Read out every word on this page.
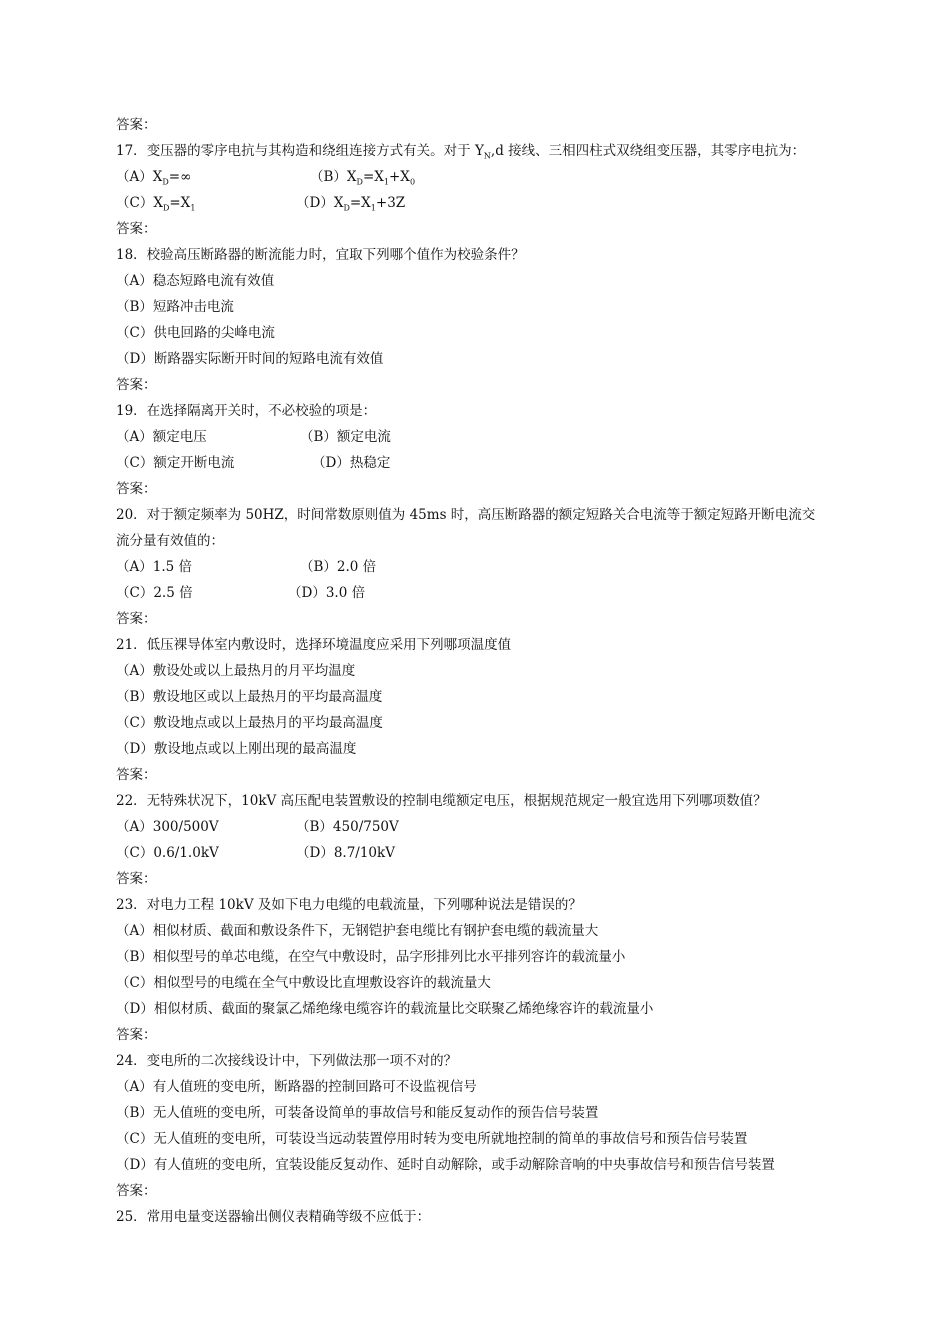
答案：
17．变压器的零序电抗与其构造和绕组连接方式有关。对于 $Y_N,d$ 接线、三相四柱式双绕组变压器，其零序电抗为：
$(A)X_D=\infty$	$(B)X_D=X_1+X_0$
$(C)X_D=X_1$	$(D)X_D=X_1+3Z$
答案：
18．校验高压断路器的断流能力时，宜取下列哪个值作为校验条件？
（A）稳态短路电流有效值
（B）短路冲击电流
（C）供电回路的尖峰电流
（D）断路器实际断开时间的短路电流有效值
答案：
19．在选择隔离开关时，不必校验的项是：
（A）额定电压	（B）额定电流
（C）额定开断电流	（D）热稳定
答案：
20．对于额定频率为 50HZ，时间常数原则值为 45ms 时，高压断路器的额定短路关合电流等于额定短路开断电流交
流分量有效值的：
（A）1.5 倍	（B）2.0 倍
（C）2.5 倍	（D）3.0 倍
答案：
21．低压裸导体室内敷设时，选择环境温度应采用下列哪项温度值
（A）敷设处或以上最热月的月平均温度
（B）敷设地区或以上最热月的平均最高温度
（C）敷设地点或以上最热月的平均最高温度
（D）敷设地点或以上刚出现的最高温度
答案：
22．无特殊状况下，10kV 高压配电装置敷设的控制电缆额定电压，根据规范规定一般宜选用下列哪项数值？
（A）300/500V	（B）450/750V
（C）0.6/1.0kV	（D）8.7/10kV
答案：
23．对电力工程 10kV 及如下电力电缆的电载流量，下列哪种说法是错误的？
（A）相似材质、截面和敷设条件下，无钢铠护套电缆比有钢护套电缆的载流量大
（B）相似型号的单芯电缆，在空气中敷设时，品字形排列比水平排列容许的载流量小
（C）相似型号的电缆在全气中敷设比直埋敷设容许的载流量大
（D）相似材质、截面的聚氯乙烯绝缘电缆容许的载流量比交联聚乙烯绝缘容许的载流量小
答案：
24．变电所的二次接线设计中，下列做法那一项不对的？
（A）有人值班的变电所，断路器的控制回路可不设监视信号
（B）无人值班的变电所，可装备设简单的事故信号和能反复动作的预告信号装置
（C）无人值班的变电所，可装设当远动装置停用时转为变电所就地控制的简单的事故信号和预告信号装置
（D）有人值班的变电所，宜装设能反复动作、延时自动解除，或手动解除音响的中央事故信号和预告信号装置
答案：
25．常用电量变送器输出侧仪表精确等级不应低于：
